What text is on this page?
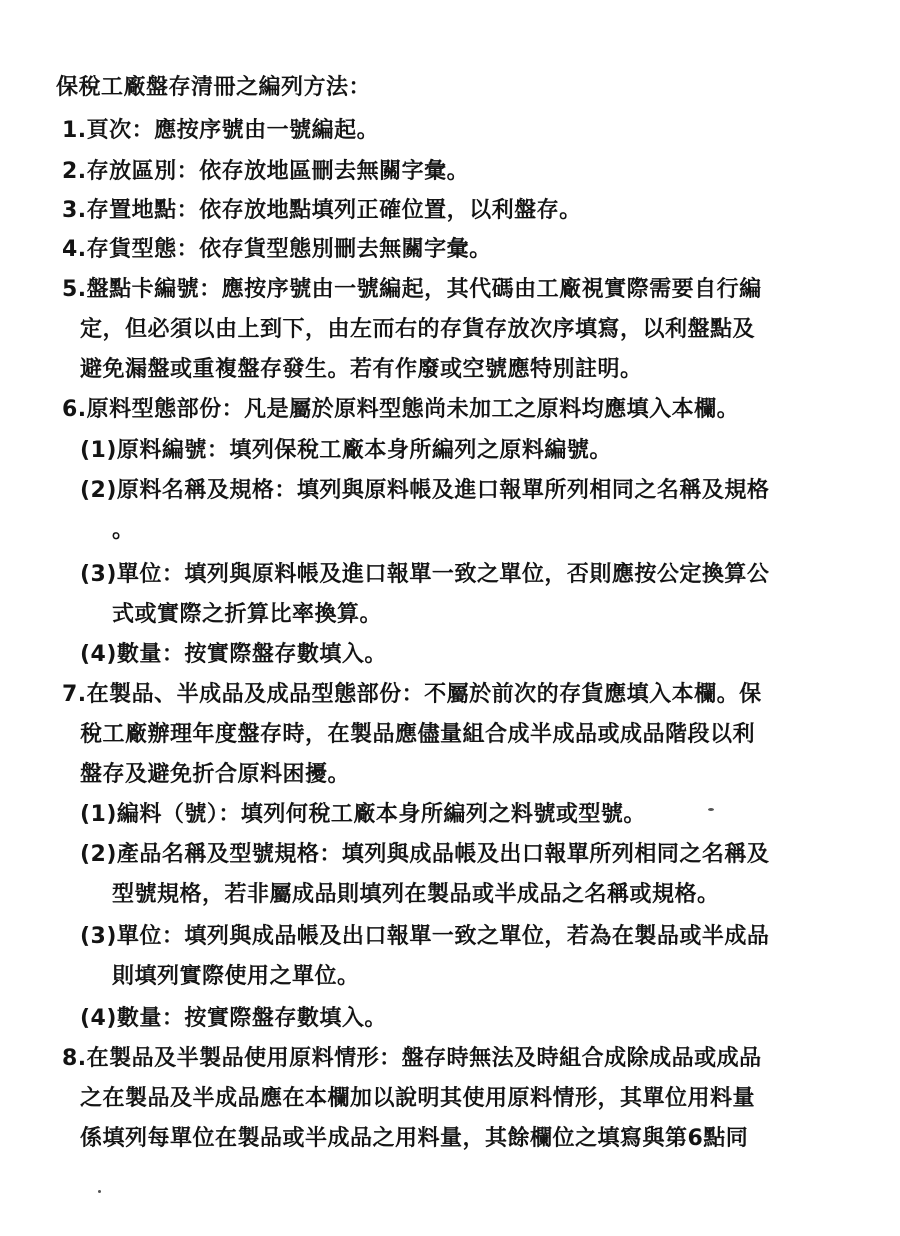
保稅工廠盤存清冊之編列方法：
1.頁次：應按序號由一號編起。
2.存放區別：依存放地區刪去無關字彙。
3.存置地點：依存放地點填列正確位置，以利盤存。
4.存貨型態：依存貨型態別刪去無關字彙。
5.盤點卡編號：應按序號由一號編起，其代碼由工廠視實際需要自行編
定，但必須以由上到下，由左而右的存貨存放次序填寫，以利盤點及
避免漏盤或重複盤存發生。若有作廢或空號應特別註明。
6.原料型態部份：凡是屬於原料型態尚未加工之原料均應填入本欄。
(1)原料編號：填列保稅工廠本身所編列之原料編號。
(2)原料名稱及規格：填列與原料帳及進口報單所列相同之名稱及規格
。
(3)單位：填列與原料帳及進口報單一致之單位，否則應按公定換算公
式或實際之折算比率換算。
(4)數量：按實際盤存數填入。
7.在製品、半成品及成品型態部份：不屬於前次的存貨應填入本欄。保
稅工廠辦理年度盤存時，在製品應儘量組合成半成品或成品階段以利
盤存及避免折合原料困擾。
(1)編料（號）：填列何稅工廠本身所編列之料號或型號。
(2)產品名稱及型號規格：填列與成品帳及出口報單所列相同之名稱及
型號規格，若非屬成品則填列在製品或半成品之名稱或規格。
(3)單位：填列與成品帳及出口報單一致之單位，若為在製品或半成品
則填列實際使用之單位。
(4)數量：按實際盤存數填入。
8.在製品及半製品使用原料情形：盤存時無法及時組合成除成品或成品
之在製品及半成品應在本欄加以說明其使用原料情形，其單位用料量
係填列每單位在製品或半成品之用料量，其餘欄位之填寫與第6點同
